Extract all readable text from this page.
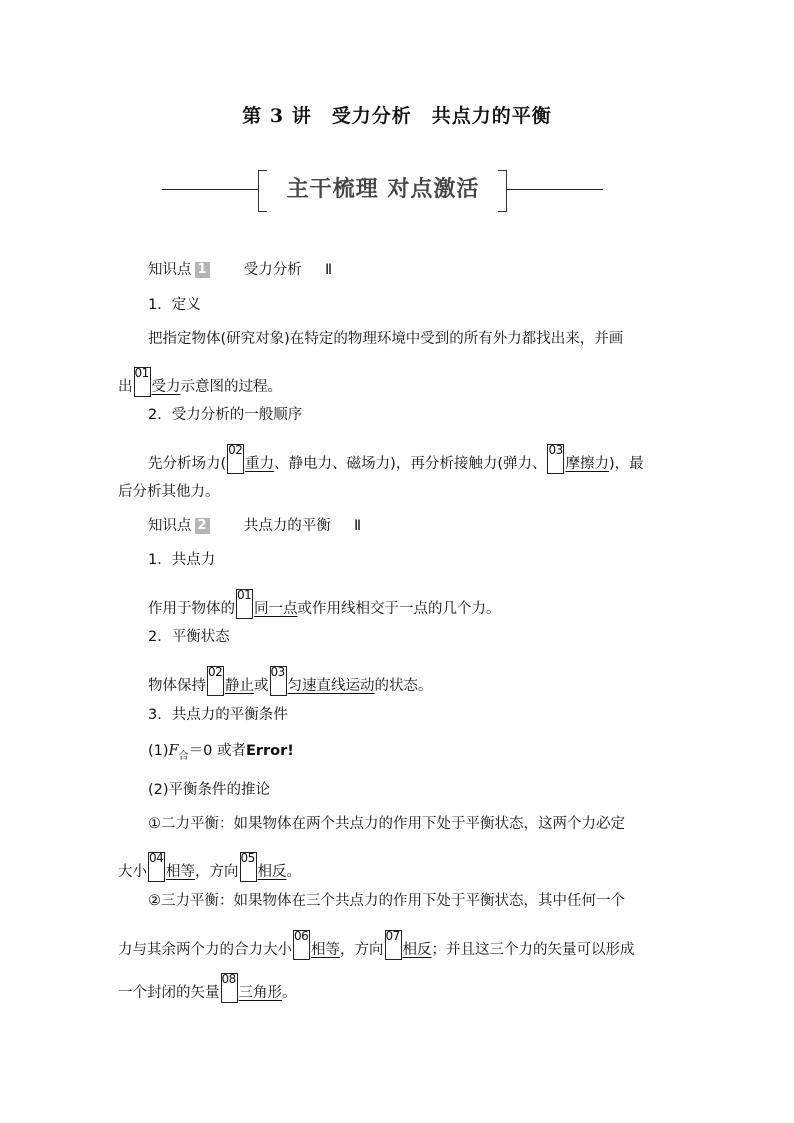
第 3 讲　受力分析　共点力的平衡
主干梳理 对点激活
知识点 1	受力分析 Ⅱ
1．定义
把指定物体(研究对象)在特定的物理环境中受到的所有外力都找出来，并画
出
01
受力示意图的过程。
2．受力分析的一般顺序
先分析场力(
02
重力、静电力、磁场力)，再分析接触力(弹力、
03
摩擦力)，最
后分析其他力。
知识点 2	共点力的平衡 Ⅱ
1．共点力
作用于物体的
01
同一点或作用线相交于一点的几个力。
2．平衡状态
物体保持
02
静止或
03
匀速直线运动的状态。
3．共点力的平衡条件
$(1)F_合=0$ 或者Error!
(2)平衡条件的推论
①二力平衡：如果物体在两个共点力的作用下处于平衡状态，这两个力必定
大小
04
相等，方向
05
相反。
②三力平衡：如果物体在三个共点力的作用下处于平衡状态，其中任何一个
力与其余两个力的合力大小
06
相等，方向
07
相反；并且这三个力的矢量可以形成
一个封闭的矢量
08
三角形。
